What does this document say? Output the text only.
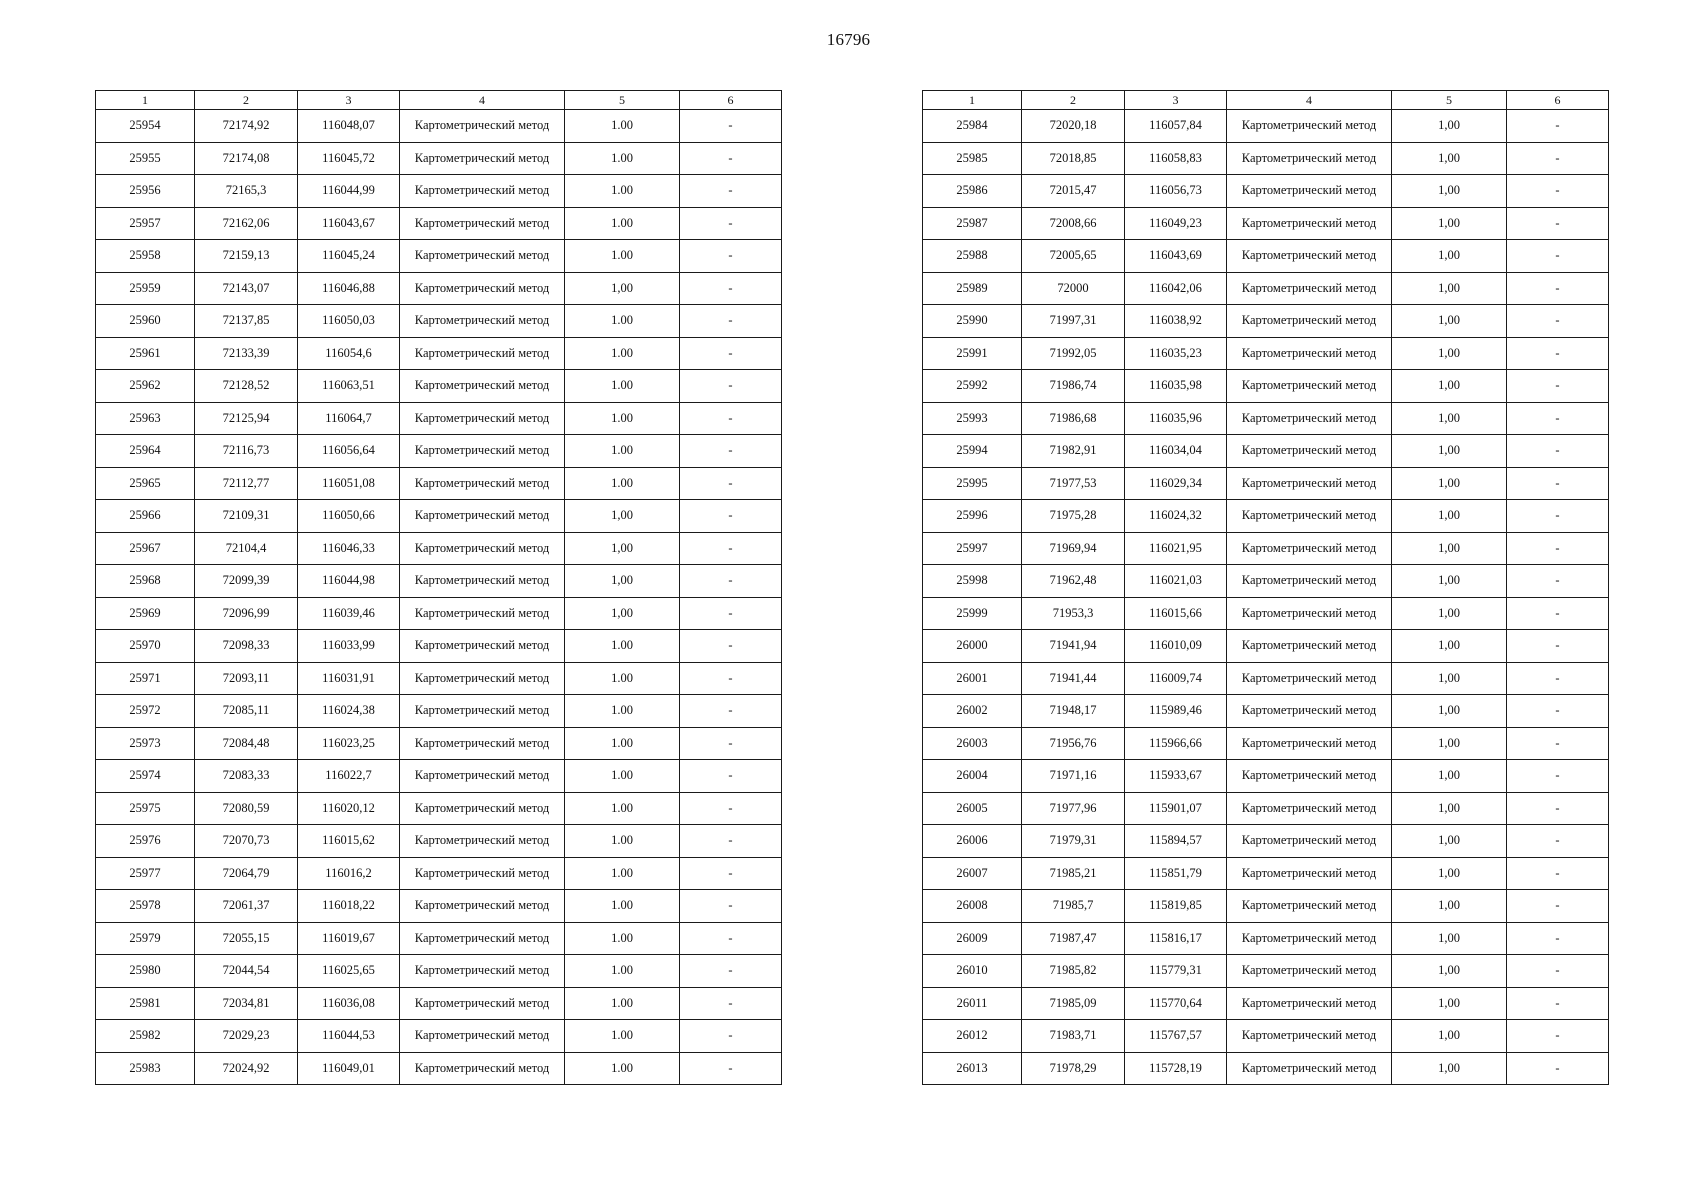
16796
1	2	3	4	5	6
25954	72174,92	116048,07	Картометрический метод	1.00	-
25955	72174,08	116045,72	Картометрический метод	1.00	-
25956	72165,3	116044,99	Картометрический метод	1.00	-
25957	72162,06	116043,67	Картометрический метод	1.00	-
25958	72159,13	116045,24	Картометрический метод	1.00	-
25959	72143,07	116046,88	Картометрический метод	1,00	-
25960	72137,85	116050,03	Картометрический метод	1.00	-
25961	72133,39	116054,6	Картометрический метод	1.00	-
25962	72128,52	116063,51	Картометрический метод	1.00	-
25963	72125,94	116064,7	Картометрический метод	1.00	-
25964	72116,73	116056,64	Картометрический метод	1.00	-
25965	72112,77	116051,08	Картометрический метод	1.00	-
25966	72109,31	116050,66	Картометрический метод	1,00	-
25967	72104,4	116046,33	Картометрический метод	1,00	-
25968	72099,39	116044,98	Картометрический метод	1,00	-
25969	72096,99	116039,46	Картометрический метод	1,00	-
25970	72098,33	116033,99	Картометрический метод	1.00	-
25971	72093,11	116031,91	Картометрический метод	1.00	-
25972	72085,11	116024,38	Картометрический метод	1.00	-
25973	72084,48	116023,25	Картометрический метод	1.00	-
25974	72083,33	116022,7	Картометрический метод	1.00	-
25975	72080,59	116020,12	Картометрический метод	1.00	-
25976	72070,73	116015,62	Картометрический метод	1.00	-
25977	72064,79	116016,2	Картометрический метод	1.00	-
25978	72061,37	116018,22	Картометрический метод	1.00	-
25979	72055,15	116019,67	Картометрический метод	1.00	-
25980	72044,54	116025,65	Картометрический метод	1.00	-
25981	72034,81	116036,08	Картометрический метод	1.00	-
25982	72029,23	116044,53	Картометрический метод	1.00	-
25983	72024,92	116049,01	Картометрический метод	1.00	-
1	2	3	4	5	6
25984	72020,18	116057,84	Картометрический метод	1,00	-
25985	72018,85	116058,83	Картометрический метод	1,00	-
25986	72015,47	116056,73	Картометрический метод	1,00	-
25987	72008,66	116049,23	Картометрический метод	1,00	-
25988	72005,65	116043,69	Картометрический метод	1,00	-
25989	72000	116042,06	Картометрический метод	1,00	-
25990	71997,31	116038,92	Картометрический метод	1,00	-
25991	71992,05	116035,23	Картометрический метод	1,00	-
25992	71986,74	116035,98	Картометрический метод	1,00	-
25993	71986,68	116035,96	Картометрический метод	1,00	-
25994	71982,91	116034,04	Картометрический метод	1,00	-
25995	71977,53	116029,34	Картометрический метод	1,00	-
25996	71975,28	116024,32	Картометрический метод	1,00	-
25997	71969,94	116021,95	Картометрический метод	1,00	-
25998	71962,48	116021,03	Картометрический метод	1,00	-
25999	71953,3	116015,66	Картометрический метод	1,00	-
26000	71941,94	116010,09	Картометрический метод	1,00	-
26001	71941,44	116009,74	Картометрический метод	1,00	-
26002	71948,17	115989,46	Картометрический метод	1,00	-
26003	71956,76	115966,66	Картометрический метод	1,00	-
26004	71971,16	115933,67	Картометрический метод	1,00	-
26005	71977,96	115901,07	Картометрический метод	1,00	-
26006	71979,31	115894,57	Картометрический метод	1,00	-
26007	71985,21	115851,79	Картометрический метод	1,00	-
26008	71985,7	115819,85	Картометрический метод	1,00	-
26009	71987,47	115816,17	Картометрический метод	1,00	-
26010	71985,82	115779,31	Картометрический метод	1,00	-
26011	71985,09	115770,64	Картометрический метод	1,00	-
26012	71983,71	115767,57	Картометрический метод	1,00	-
26013	71978,29	115728,19	Картометрический метод	1,00	-
